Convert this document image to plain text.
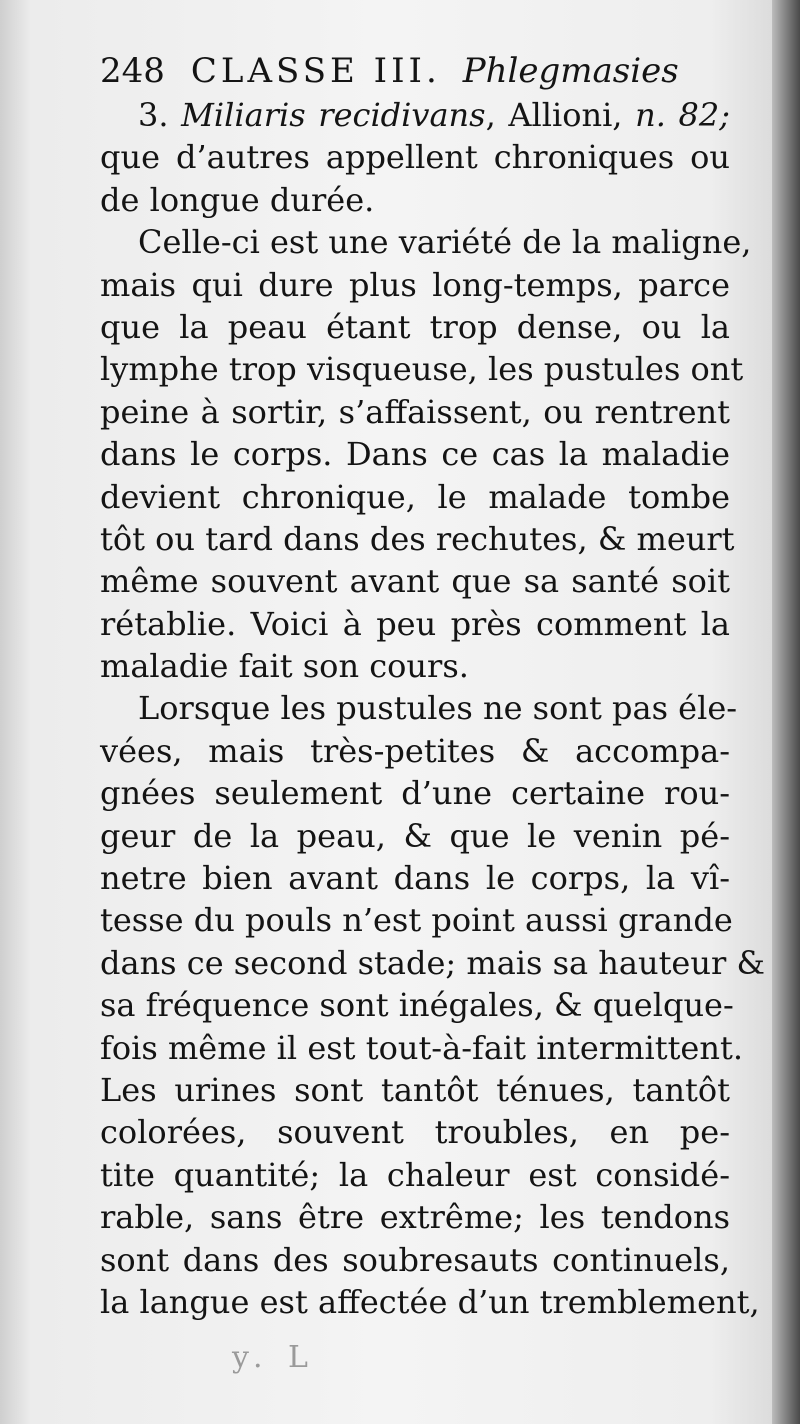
248 CLASSE III. Phlegmasies
3. Miliaris recidivans, Allioni, n. 82;
que d’autres appellent chroniques ou
de longue durée.
Celle-ci est une variété de la maligne,
mais qui dure plus long-temps, parce
que la peau étant trop dense, ou la
lymphe trop visqueuse, les pustules ont
peine à sortir, s’affaissent, ou rentrent
dans le corps. Dans ce cas la maladie
devient chronique, le malade tombe
tôt ou tard dans des rechutes, & meurt
même souvent avant que sa santé soit
rétablie. Voici à peu près comment la
maladie fait son cours.
Lorsque les pustules ne sont pas éle-
vées, mais très-petites & accompa-
gnées seulement d’une certaine rou-
geur de la peau, & que le venin pé-
netre bien avant dans le corps, la vî-
tesse du pouls n’est point aussi grande
dans ce second stade; mais sa hauteur &
sa fréquence sont inégales, & quelque-
fois même il est tout-à-fait intermittent.
Les urines sont tantôt ténues, tantôt
colorées, souvent troubles, en pe-
tite quantité; la chaleur est considé-
rable, sans être extrême; les tendons
sont dans des soubresauts continuels,
la langue est affectée d’un tremblement,
y. L
